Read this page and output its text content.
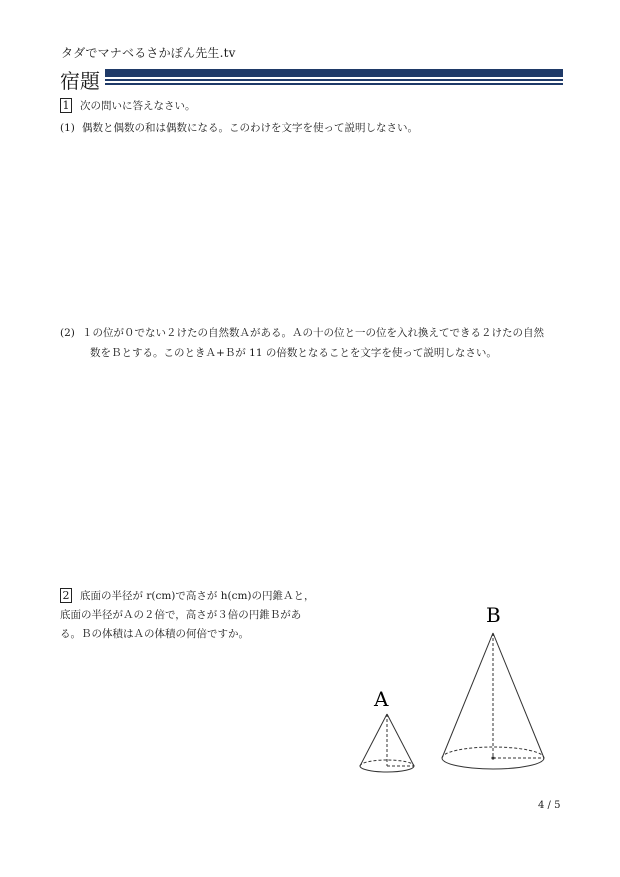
タダでマナベるさかぽん先生.tv
宿題
1 次の問いに答えなさい。
(1) 偶数と偶数の和は偶数になる。このわけを文字を使って説明しなさい。
(2) １の位が０でない２けたの自然数Ａがある。Ａの十の位と一の位を入れ換えてできる２けたの自然
数をＢとする。このときＡ+Ｂが 11 の倍数となることを文字を使って説明しなさい。
2 底面の半径が r(cm)で高さが h(cm)の円錐Ａと，
底面の半径がＡの２倍で，高さが３倍の円錐Ｂがあ
る。Ｂの体積はＡの体積の何倍ですか。
A
B
4 / 5
